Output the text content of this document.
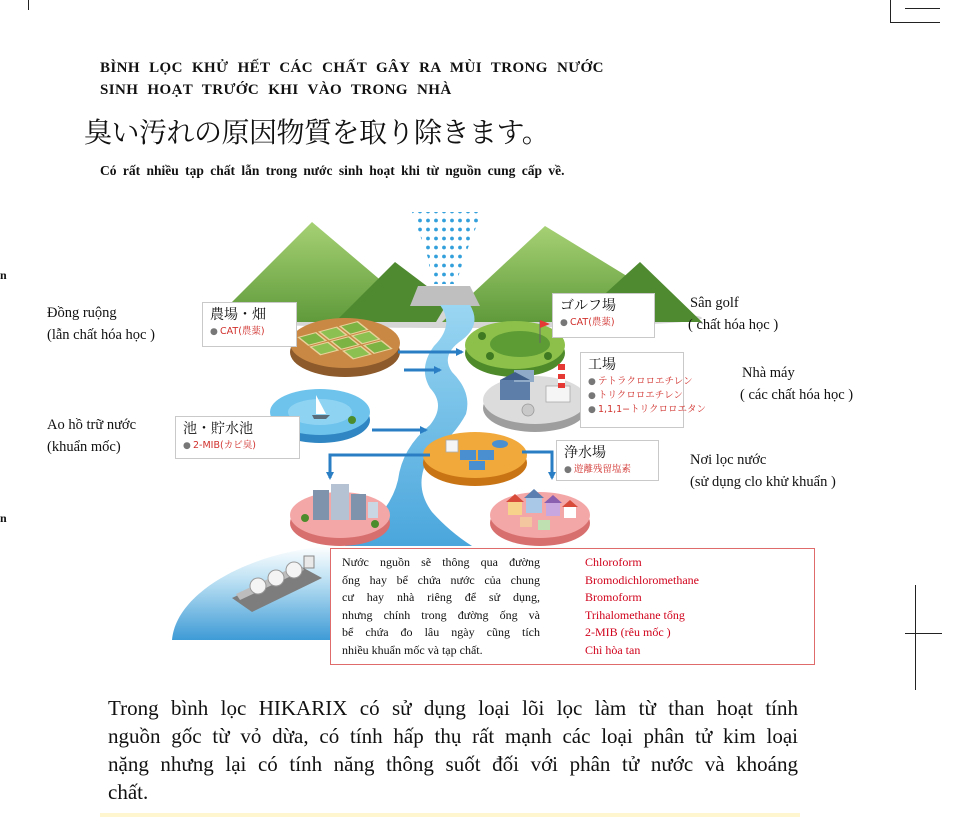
n
n
BÌNH LỌC KHỬ HẾT CÁC CHẤT GÂY RA MÙI TRONG NƯỚC
SINH HOẠT TRƯỚC KHI VÀO TRONG NHÀ
臭い汚れの原因物質を取り除きます。
Có rất nhiều tạp chất lẫn trong nước sinh hoạt khi từ nguồn cung cấp về.
Đồng ruộng
(lẫn chất hóa học )
Sân golf
( chất hóa học )
Nhà máy
( các chất hóa học )
Ao hồ trữ nước
(khuẩn mốc)
Nơi lọc nước
(sử dụng clo khử khuẩn )
農場・畑
● CAT(農薬)
ゴルフ場
● CAT(農薬)
工場
● テトラクロロエチレン
● トリクロロエチレン
● 1,1,1−トリクロロエタン
池・貯水池
● 2-MIB(カビ臭)
浄水場
● 遊離残留塩素
Nước nguồn sẽ thông qua đường
ống hay bể chứa nước của chung
cư hay nhà riêng để sử dụng,
nhưng chính trong đường ống và
bể chứa đo lâu ngày cũng tích
nhiều khuẩn mốc và tạp chất.
Chloroform
Bromodichloromethane
Bromoform
Trihalomethane tổng
2-MIB (rêu mốc )
Chì hòa tan
Trong bình lọc HIKARIX có sử dụng loại lõi lọc làm từ than hoạt tính
nguồn gốc từ vỏ dừa, có tính hấp thụ rất mạnh các loại phân tử kim loại
nặng nhưng lại có tính năng thông suốt đối với phân tử nước và khoáng
chất.
